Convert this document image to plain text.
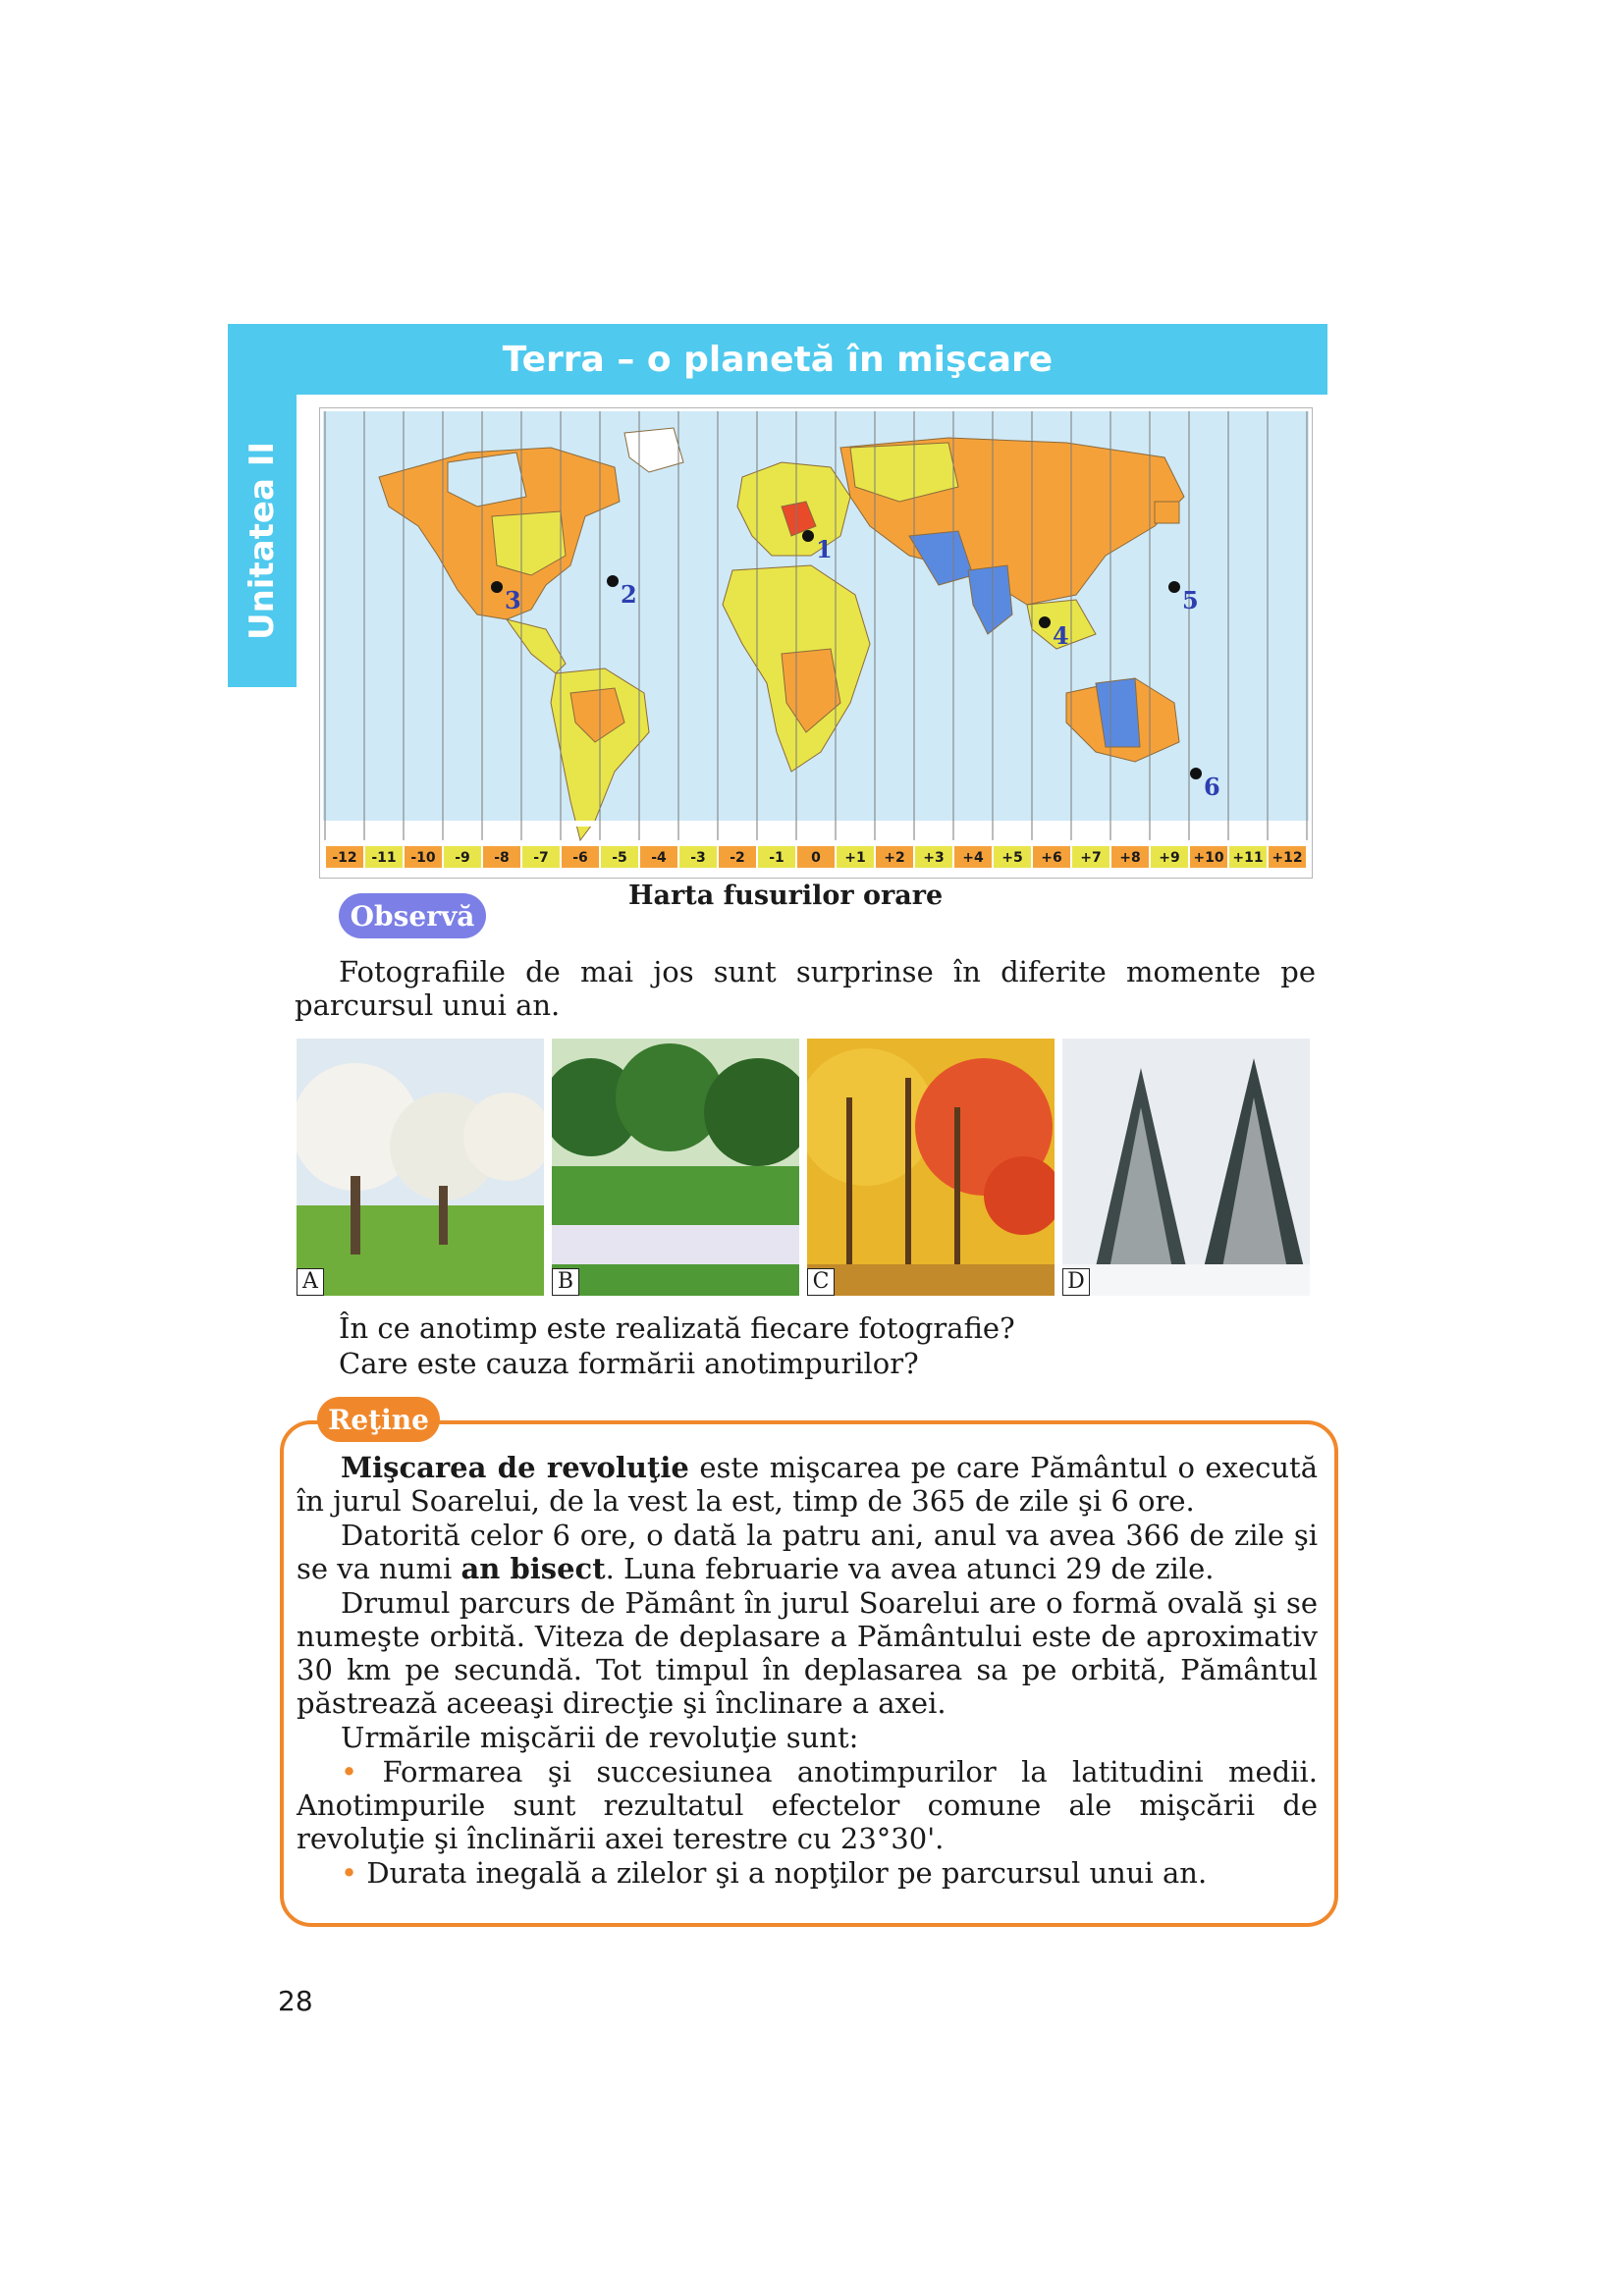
Terra – o planetă în mişcare
Unitatea II	1
2
3
4
5
6
-12 -11 -10 -9 -8 -7 -6 -5 -4 -3 -2 -1 0 +1 +2 +3 +4 +5 +6 +7 +8 +9 +10 +11 +12
Harta fusurilor orare
Observă
Fotografiile de mai jos sunt surprinse în diferite momente pe parcursul unui an.
A	B	C	D
În ce anotimp este realizată fiecare fotografie?
Care este cauza formării anotimpurilor?
Reţine

Mişcarea de revoluţie este mişcarea pe care Pământul o execută în jurul Soarelui, de la vest la est, timp de 365 de zile şi 6 ore.

Datorită celor 6 ore, o dată la patru ani, anul va avea 366 de zile şi se va numi an bisect. Luna februarie va avea atunci 29 de zile.

Drumul parcurs de Pământ în jurul Soarelui are o formă ovală şi se numeşte orbită. Viteza de deplasare a Pământului este de aproximativ 30 km pe secundă. Tot timpul în deplasarea sa pe orbită, Pământul păstrează aceeaşi direcţie şi înclinare a axei.

Urmările mişcării de revoluţie sunt:

• Formarea şi succesiunea anotimpurilor la latitudini medii. Anotimpurile sunt rezultatul efectelor comune ale mişcării de revoluţie şi înclinării axei terestre cu 23°30'.

• Durata inegală a zilelor şi a nopţilor pe parcursul unui an.

28
